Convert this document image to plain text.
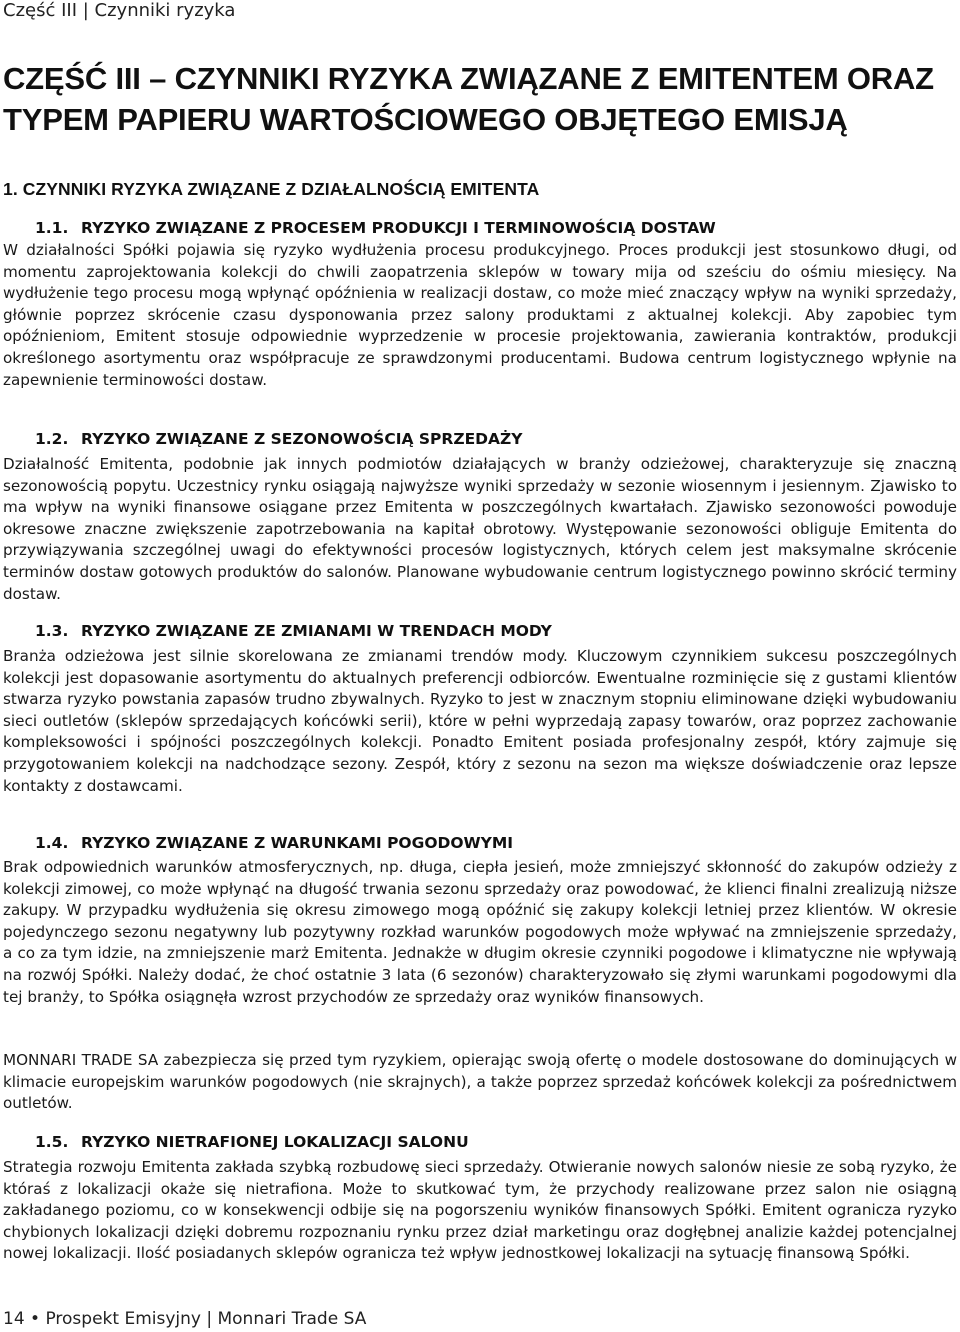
Część III | Czynniki ryzyka
CZĘŚĆ III – CZYNNIKI RYZYKA ZWIĄZANE Z EMITENTEM ORAZ TYPEM PAPIERU WARTOŚCIOWEGO OBJĘTEGO EMISJĄ
1. CZYNNIKI RYZYKA ZWIĄZANE Z DZIAŁALNOŚCIĄ EMITENTA
1.1. RYZYKO ZWIĄZANE Z PROCESEM PRODUKCJI I TERMINOWOŚCIĄ DOSTAW

W działalności Spółki pojawia się ryzyko wydłużenia procesu produkcyjnego. Proces produkcji jest stosunkowo długi, od momentu zaprojektowania kolekcji do chwili zaopatrzenia sklepów w towary mija od sześciu do ośmiu miesięcy. Na wydłużenie tego procesu mogą wpłynąć opóźnienia w realizacji dostaw, co może mieć znaczący wpływ na wyniki sprzedaży, głównie poprzez skrócenie czasu dysponowania przez salony produktami z aktualnej kolekcji. Aby zapobiec tym opóźnieniom, Emitent stosuje odpowiednie wyprzedzenie w procesie projektowania, zawierania kontraktów, produkcji określonego asortymentu oraz współpracuje ze sprawdzonymi producentami. Budowa centrum logistycznego wpłynie na zapewnienie terminowości dostaw.

1.2. RYZYKO ZWIĄZANE Z SEZONOWOŚCIĄ SPRZEDAŻY

Działalność Emitenta, podobnie jak innych podmiotów działających w branży odzieżowej, charakteryzuje się znaczną sezonowością popytu. Uczestnicy rynku osiągają najwyższe wyniki sprzedaży w sezonie wiosennym i jesiennym. Zjawisko to ma wpływ na wyniki finansowe osiągane przez Emitenta w poszczególnych kwartałach. Zjawisko sezonowości powoduje okresowe znaczne zwiększenie zapotrzebowania na kapitał obrotowy. Występowanie sezonowości obliguje Emitenta do przywiązywania szczególnej uwagi do efektywności procesów logistycznych, których celem jest maksymalne skrócenie terminów dostaw gotowych produktów do salonów. Planowane wybudowanie centrum logistycznego powinno skrócić terminy dostaw.

1.3. RYZYKO ZWIĄZANE ZE ZMIANAMI W TRENDACH MODY

Branża odzieżowa jest silnie skorelowana ze zmianami trendów mody. Kluczowym czynnikiem sukcesu poszczególnych kolekcji jest dopasowanie asortymentu do aktualnych preferencji odbiorców. Ewentualne rozminięcie się z gustami klientów stwarza ryzyko powstania zapasów trudno zbywalnych. Ryzyko to jest w znacznym stopniu eliminowane dzięki wybudowaniu sieci outletów (sklepów sprzedających końcówki serii), które w pełni wyprzedają zapasy towarów, oraz poprzez zachowanie kompleksowości i spójności poszczególnych kolekcji. Ponadto Emitent posiada profesjonalny zespół, który zajmuje się przygotowaniem kolekcji na nadchodzące sezony. Zespół, który z sezonu na sezon ma większe doświadczenie oraz lepsze kontakty z dostawcami.

1.4. RYZYKO ZWIĄZANE Z WARUNKAMI POGODOWYMI

Brak odpowiednich warunków atmosferycznych, np. długa, ciepła jesień, może zmniejszyć skłonność do zakupów odzieży z kolekcji zimowej, co może wpłynąć na długość trwania sezonu sprzedaży oraz powodować, że klienci finalni zrealizują niższe zakupy. W przypadku wydłużenia się okresu zimowego mogą opóźnić się zakupy kolekcji letniej przez klientów. W okresie pojedynczego sezonu negatywny lub pozytywny rozkład warunków pogodowych może wpływać na zmniejszenie sprzedaży, a co za tym idzie, na zmniejszenie marż Emitenta. Jednakże w długim okresie czynniki pogodowe i klimatyczne nie wpływają na rozwój Spółki. Należy dodać, że choć ostatnie 3 lata (6 sezonów) charakteryzowało się złymi warunkami pogodowymi dla tej branży, to Spółka osiągnęła wzrost przychodów ze sprzedaży oraz wyników finansowych.

MONNARI TRADE SA zabezpiecza się przed tym ryzykiem, opierając swoją ofertę o modele dostosowane do dominujących w klimacie europejskim warunków pogodowych (nie skrajnych), a także poprzez sprzedaż końcówek kolekcji za pośrednictwem outletów.

1.5. RYZYKO NIETRAFIONEJ LOKALIZACJI SALONU

Strategia rozwoju Emitenta zakłada szybką rozbudowę sieci sprzedaży. Otwieranie nowych salonów niesie ze sobą ryzyko, że któraś z lokalizacji okaże się nietrafiona. Może to skutkować tym, że przychody realizowane przez salon nie osiągną zakładanego poziomu, co w konsekwencji odbije się na pogorszeniu wyników finansowych Spółki. Emitent ogranicza ryzyko chybionych lokalizacji dzięki dobremu rozpoznaniu rynku przez dział marketingu oraz dogłębnej analizie każdej potencjalnej nowej lokalizacji. Ilość posiadanych sklepów ogranicza też wpływ jednostkowej lokalizacji na sytuację finansową Spółki.

14 • Prospekt Emisyjny | Monnari Trade SA
